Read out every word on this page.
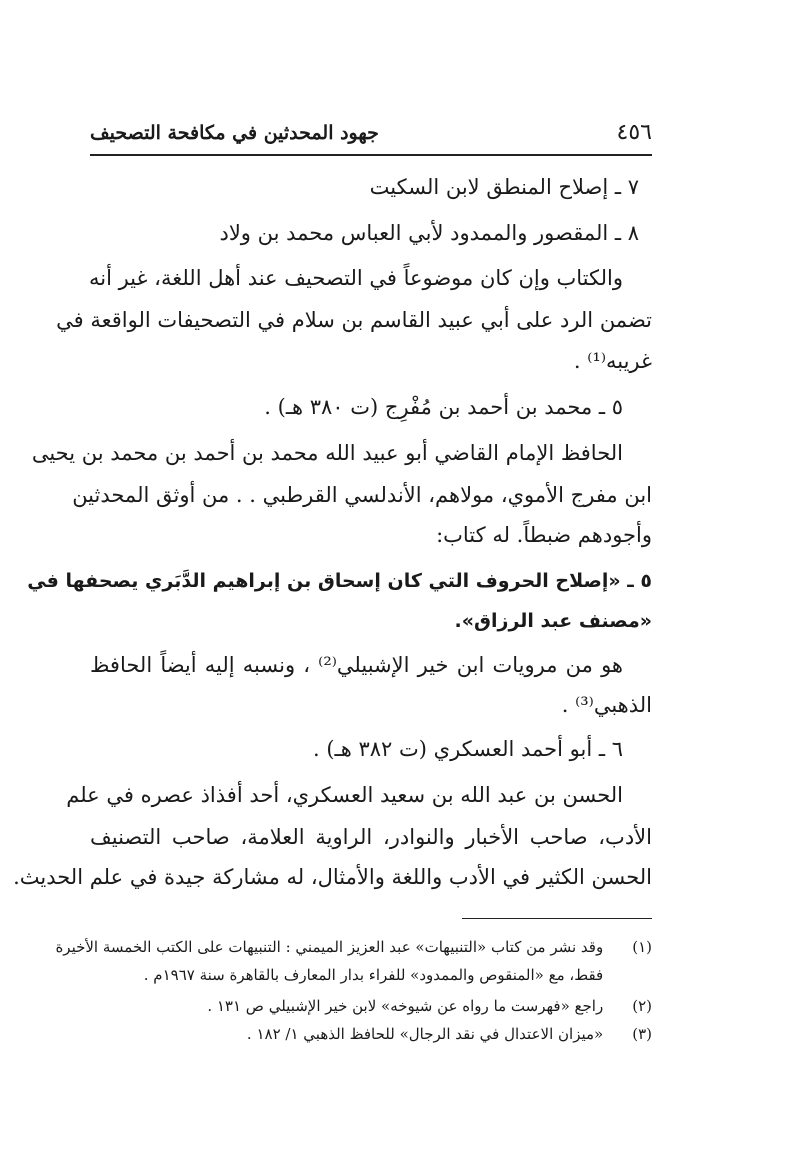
٤٥٦
جهود المحدثين في مكافحة التصحيف
٧ ـ إصلاح المنطق لابن السكيت
٨ ـ المقصور والممدود لأبي العباس محمد بن ولاد
والكتاب وإن كان موضوعاً في التصحيف عند أهل اللغة، غير أنه
تضمن الرد على أبي عبيد القاسم بن سلام في التصحيفات الواقعة في
غريبه⁽¹⁾ .
٥ ـ محمد بن أحمد بن مُفْرِج (ت ٣٨٠ هـ) .
الحافظ الإمام القاضي أبو عبيد الله محمد بن أحمد بن محمد بن يحيى
ابن مفرج الأموي، مولاهم، الأندلسي القرطبي . . من أوثق المحدثين
وأجودهم ضبطاً. له كتاب:
٥ ـ «إصلاح الحروف التي كان إسحاق بن إبراهيم الدَّبَري يصحفها في
«مصنف عبد الرزاق».
هو من مرويات ابن خير الإشبيلي⁽²⁾ ، ونسبه إليه أيضاً الحافظ
الذهبي⁽³⁾ .
٦ ـ أبو أحمد العسكري (ت ٣٨٢ هـ) .
الحسن بن عبد الله بن سعيد العسكري، أحد أفذاذ عصره في علم
الأدب، صاحب الأخبار والنوادر، الراوية العلامة، صاحب التصنيف
الحسن الكثير في الأدب واللغة والأمثال، له مشاركة جيدة في علم الحديث.
(١) وقد نشر من كتاب «التنبيهات» عبد العزيز الميمني : التنبيهات على الكتب الخمسة الأخيرة
فقط، مع «المنقوص والممدود» للفراء بدار المعارف بالقاهرة سنة ١٩٦٧م .
(٢) راجع «فهرست ما رواه عن شيوخه» لابن خير الإشبيلي ص ١٣١ .
(٣) «ميزان الاعتدال في نقد الرجال» للحافظ الذهبي ١/ ١٨٢ .
